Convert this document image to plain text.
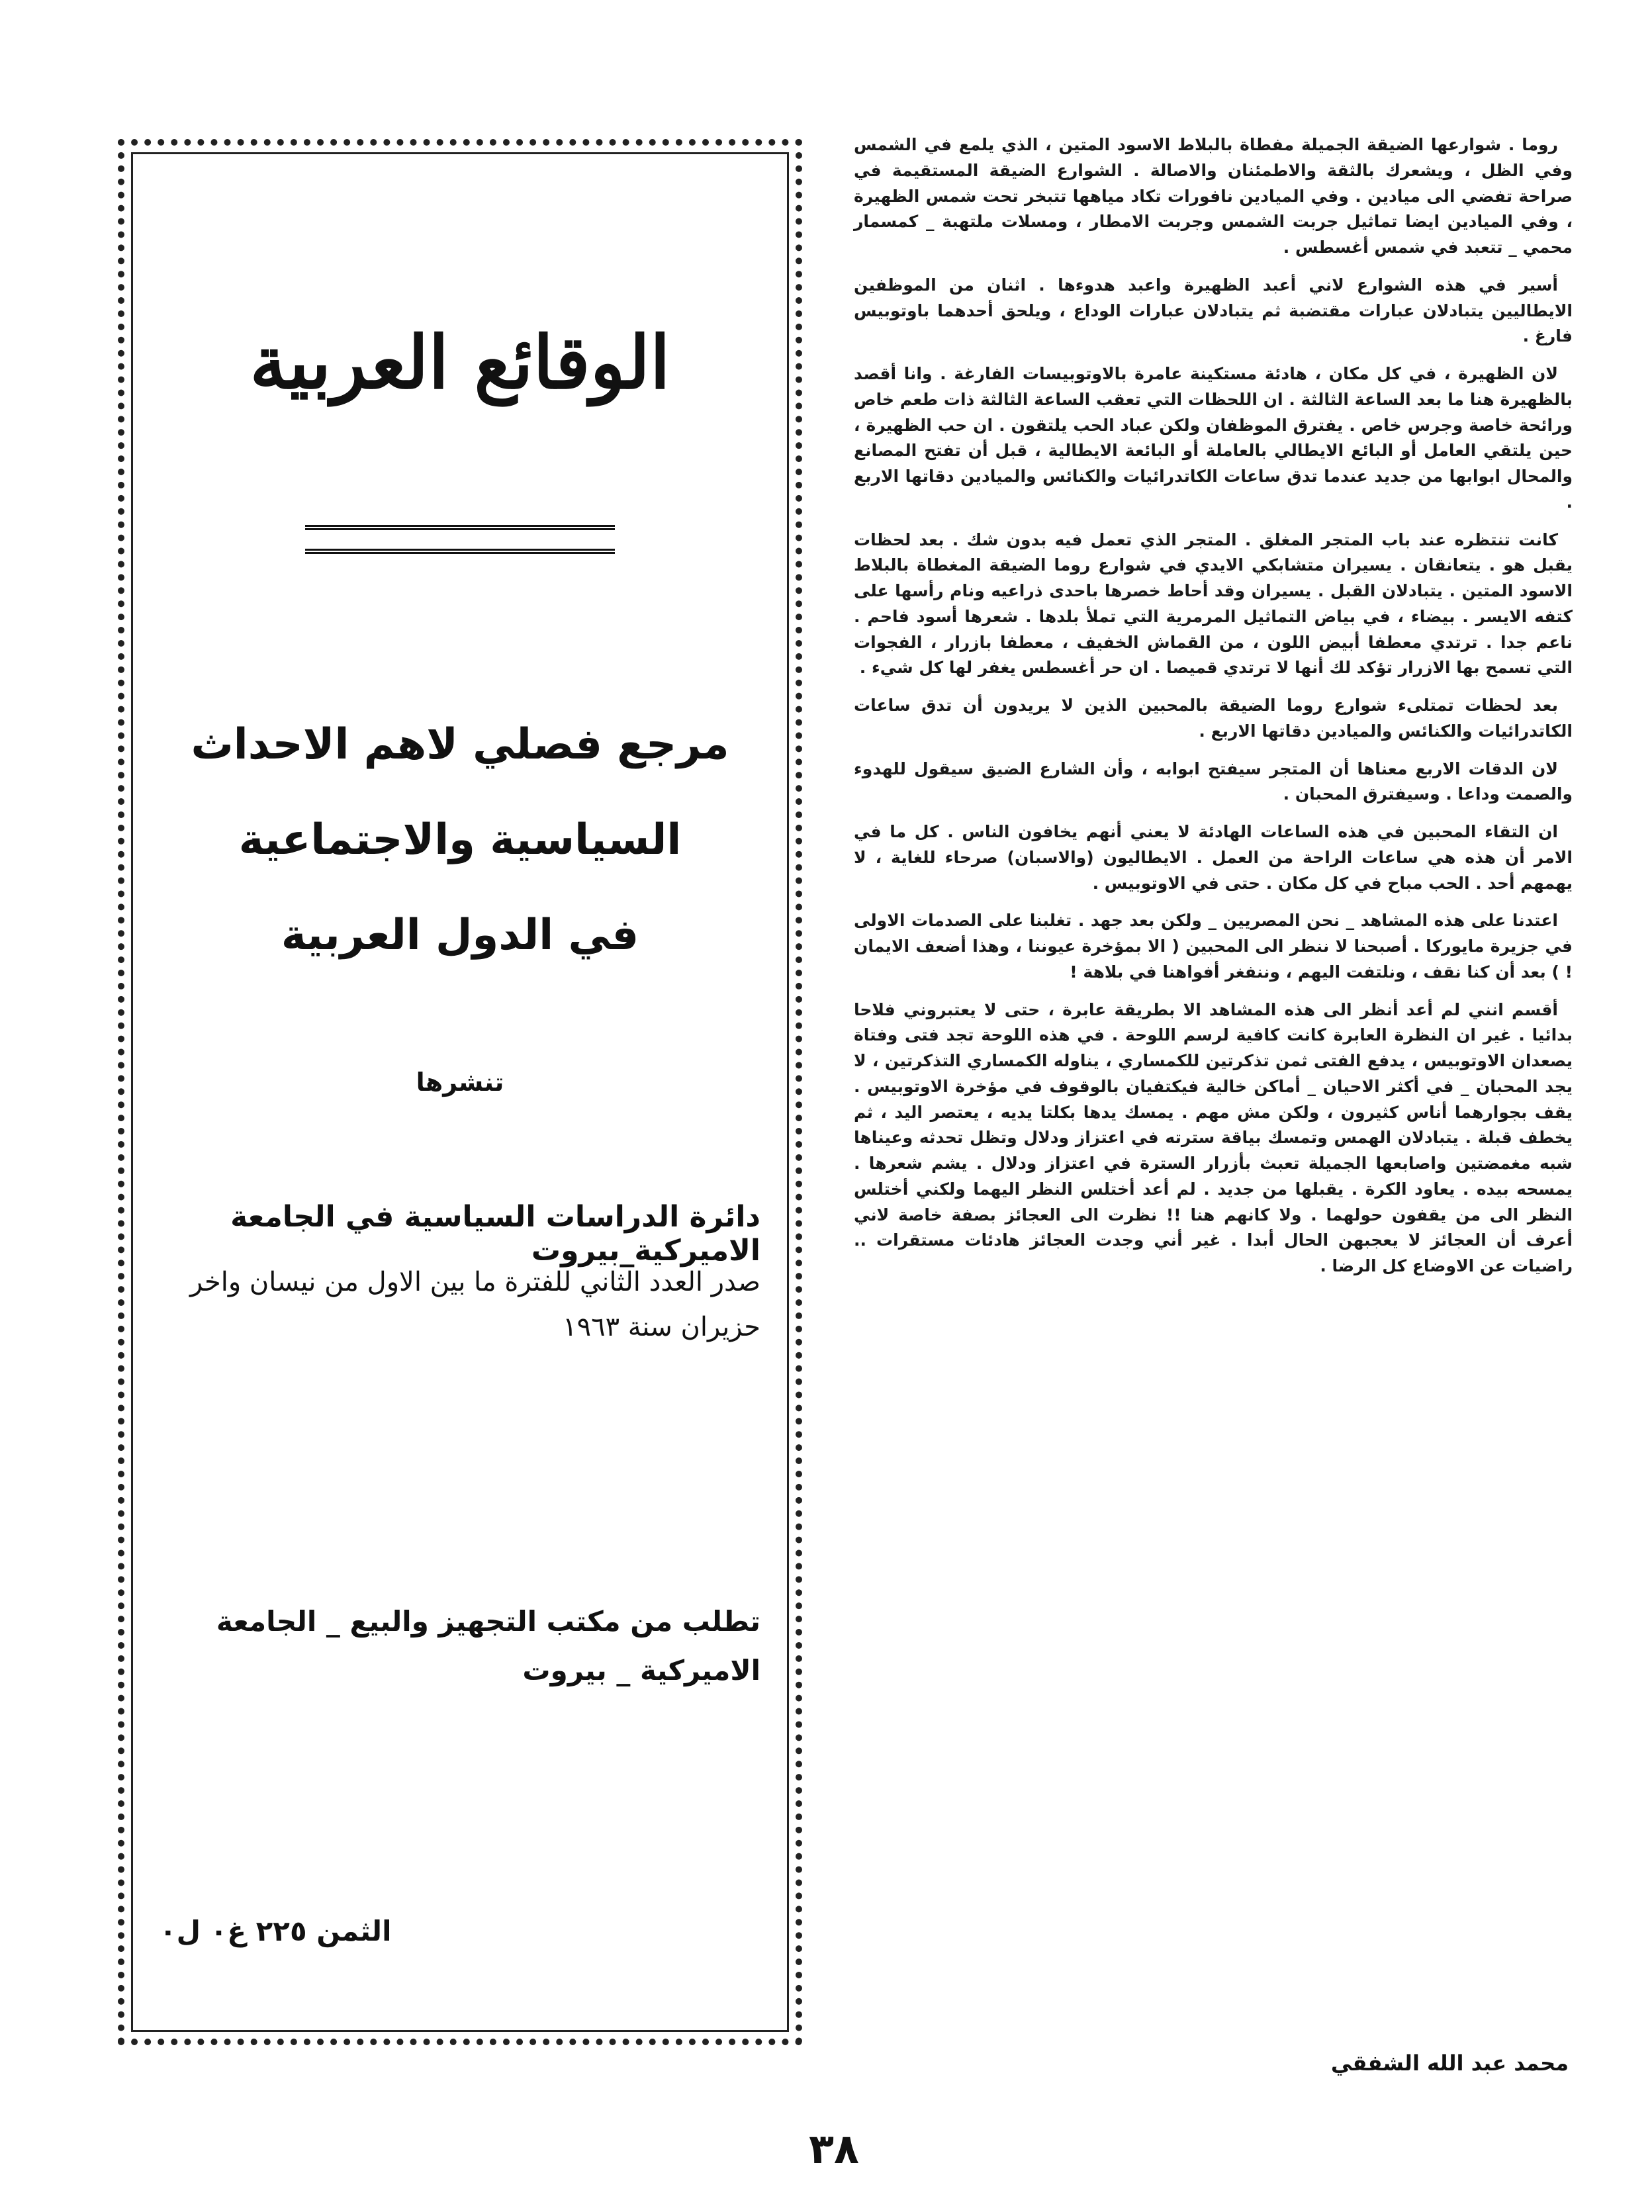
روما . شوارعها الضيقة الجميلة مفطاة بالبلاط الاسود المتين ، الذي يلمع في الشمس وفي الظل ، ويشعرك بالثقة والاطمئنان والاصالة . الشوارع الضيقة المستقيمة في صراحة تفضي الى ميادين . وفي الميادين نافورات تكاد مياهها تتبخر تحت شمس الظهيرة ، وفي الميادين ايضا تماثيل جربت الشمس وجربت الامطار ، ومسلات ملتهبة _ كمسمار محمي _ تتعبد في شمس أغسطس .

أسير في هذه الشوارع لاني أعبد الظهيرة واعبد هدوءها . اثنان من الموظفين الايطاليين يتبادلان عبارات مقتضبة ثم يتبادلان عبارات الوداع ، ويلحق أحدهما باوتوبيس فارغ .

لان الظهيرة ، في كل مكان ، هادئة مستكينة عامرة بالاوتوبيسات الفارغة . وانا أقصد بالظهيرة هنا ما بعد الساعة الثالثة . ان اللحظات التي تعقب الساعة الثالثة ذات طعم خاص ورائحة خاصة وجرس خاص . يفترق الموظفان ولكن عباد الحب يلتقون . ان حب الظهيرة ، حين يلتقي العامل أو البائع الايطالي بالعاملة أو البائعة الايطالية ، قبل أن تفتح المصانع والمحال ابوابها من جديد عندما تدق ساعات الكاتدرائيات والكنائس والميادين دقاتها الاربع .

كانت تنتظره عند باب المتجر المغلق . المتجر الذي تعمل فيه بدون شك . بعد لحظات يقبل هو . يتعانقان . يسيران متشابكي الايدي في شوارع روما الضيقة المغطاة بالبلاط الاسود المتين . يتبادلان القبل . يسيران وقد أحاط خصرها باحدى ذراعيه ونام رأسها على كتفه الايسر . بيضاء ، في بياض التماثيل المرمرية التي تملأ بلدها . شعرها أسود فاحم . ناعم جدا . ترتدي معطفا أبيض اللون ، من القماش الخفيف ، معطفا بازرار ، الفجوات التي تسمح بها الازرار تؤكد لك أنها لا ترتدي قميصا . ان حر أغسطس يغفر لها كل شيء .

بعد لحظات تمتلىء شوارع روما الضيقة بالمحبين الذين لا يريدون أن تدق ساعات الكاتدرائيات والكنائس والميادين دقاتها الاربع .

لان الدقات الاربع معناها أن المتجر سيفتح ابوابه ، وأن الشارع الضيق سيقول للهدوء والصمت وداعا . وسيفترق المحبان .

ان التقاء المحبين في هذه الساعات الهادئة لا يعني أنهم يخافون الناس . كل ما في الامر أن هذه هي ساعات الراحة من العمل . الايطاليون (والاسبان) صرحاء للغاية ، لا يهمهم أحد . الحب مباح في كل مكان . حتى في الاوتوبيس .

اعتدنا على هذه المشاهد _ نحن المصريين _ ولكن بعد جهد . تغلبنا على الصدمات الاولى في جزيرة مايوركا . أصبحنا لا ننظر الى المحبين ( الا بمؤخرة عيوننا ، وهذا أضعف الايمان ! ) بعد أن كنا نقف ، ونلتفت اليهم ، وننفغر أفواهنا في بلاهة !

أقسم انني لم أعد أنظر الى هذه المشاهد الا بطريقة عابرة ، حتى لا يعتبروني فلاحا بدائيا . غير ان النظرة العابرة كانت كافية لرسم اللوحة . في هذه اللوحة تجد فتى وفتاة يصعدان الاوتوبيس ، يدفع الفتى ثمن تذكرتين للكمساري ، يناوله الكمساري التذكرتين ، لا يجد المحبان _ في أكثر الاحيان _ أماكن خالية فيكتفيان بالوقوف في مؤخرة الاوتوبيس . يقف بجوارهما أناس كثيرون ، ولكن مش مهم . يمسك يدها بكلتا يديه ، يعتصر اليد ، ثم يخطف قبلة . يتبادلان الهمس وتمسك بياقة سترته في اعتزاز ودلال وتظل تحدثه وعيناها شبه مغمضتين واصابعها الجميلة تعبث بأزرار السترة في اعتزاز ودلال . يشم شعرها . يمسحه بيده . يعاود الكرة . يقبلها من جديد . لم أعد أختلس النظر اليهما ولكني أختلس النظر الى من يقفون حولهما . ولا كانهم هنا !! نظرت الى العجائز بصفة خاصة لاني أعرف أن العجائز لا يعجبهن الحال أبدا . غير أني وجدت العجائز هادئات مستقرات .. راضيات عن الاوضاع كل الرضا .

محمد عبد الله الشفقي
الوقائع العربية
مرجع فصلي لاهم الاحداث
السياسية والاجتماعية
في الدول العربية
تنشرها
دائرة الدراسات السياسية في الجامعة الاميركية_بيروت
صدر العدد الثاني للفترة ما بين الاول من نيسان واخر حزيران سنة ١٩٦٣
تطلب من مكتب التجهيز والبيع _ الجامعة الاميركية _ بيروت
الثمن ٢٢٥ غ٠ ل٠
٣٨
